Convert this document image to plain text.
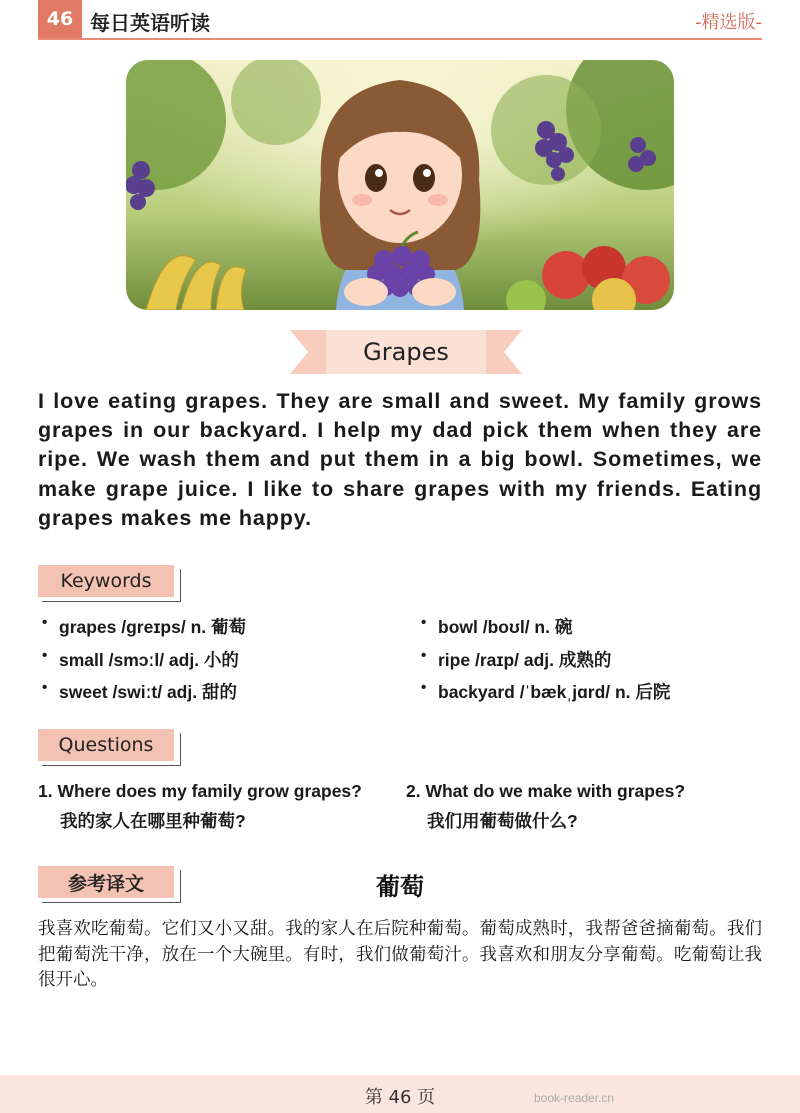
46 每日英语听读	-精选版-
Grapes

I love eating grapes. They are small and sweet. My family grows grapes in our backyard. I help my dad pick them when they are ripe. We wash them and put them in a big bowl. Sometimes, we make grape juice. I like to share grapes with my friends. Eating grapes makes me happy.

Keywords
• grapes /greɪps/ n. 葡萄	• bowl /boʊl/ n. 碗
• small /smɔːl/ adj. 小的	• ripe /raɪp/ adj. 成熟的
• sweet /swiːt/ adj. 甜的	• backyard /ˈbækˌjɑrd/ n. 后院
Questions
1. Where does my family grow grapes?
我的家人在哪里种葡萄?
2. What do we make with grapes?
我们用葡萄做什么?
参考译文	葡萄

我喜欢吃葡萄。它们又小又甜。我的家人在后院种葡萄。葡萄成熟时，我帮爸爸摘葡萄。我们把葡萄洗干净，放在一个大碗里。有时，我们做葡萄汁。我喜欢和朋友分享葡萄。吃葡萄让我很开心。

第 46 页	book-reader.cn
